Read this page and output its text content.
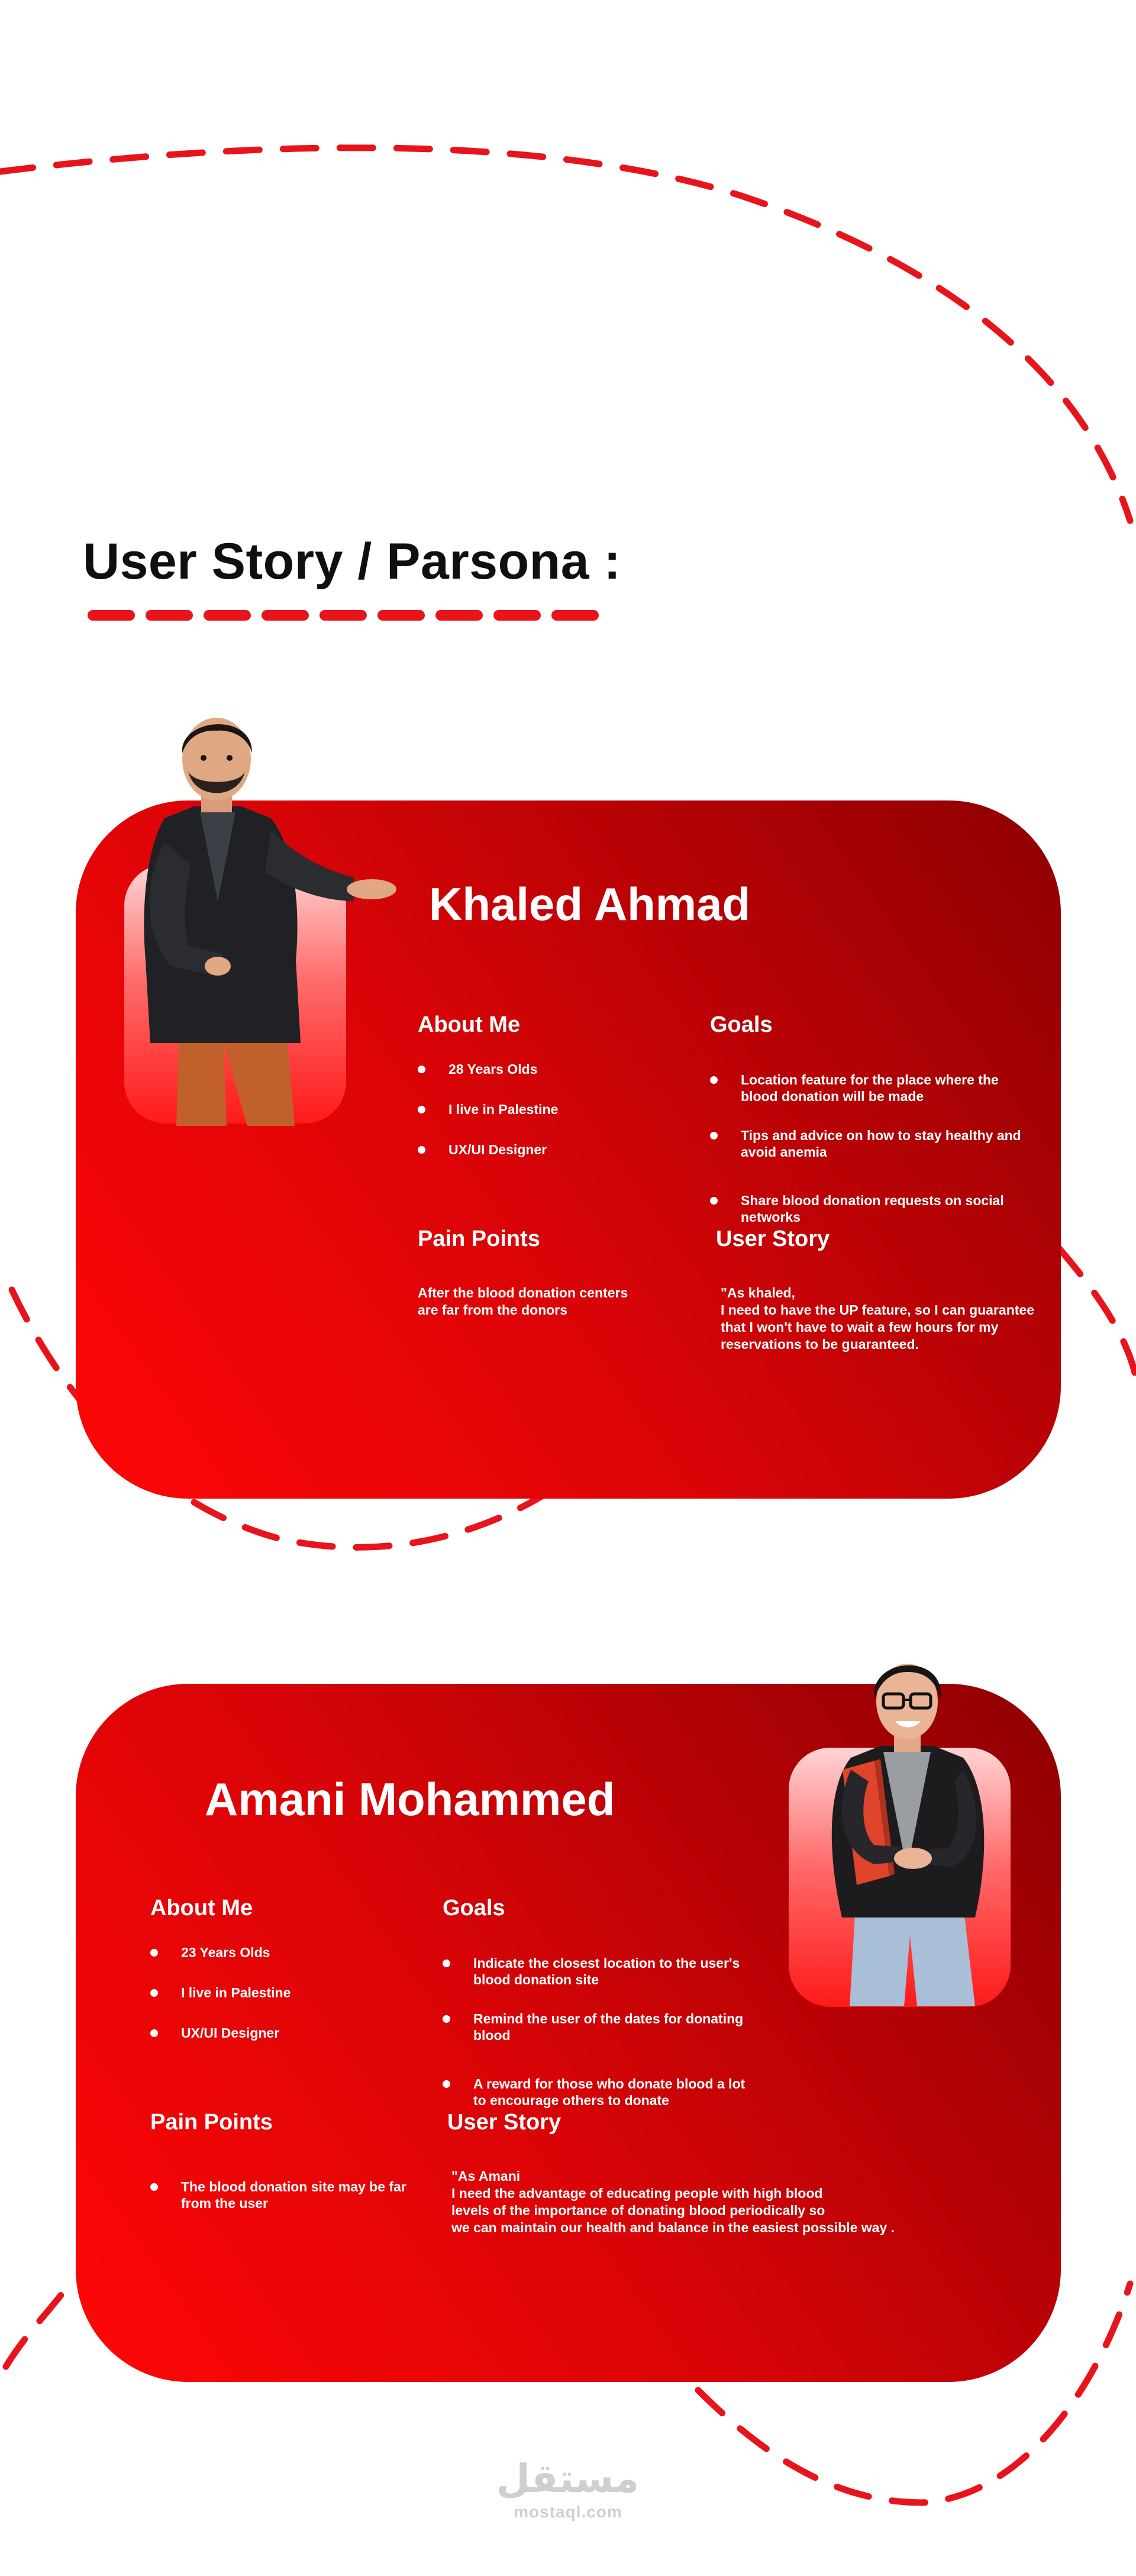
User Story / Parsona :
Khaled Ahmad
About Me
28 Years Olds
I live in Palestine
UX/UI Designer
Goals

Location feature for the place where the
blood donation will be made

Tips and advice on how to stay healthy and
avoid anemia

Share blood donation requests on social
networks

Pain Points

After the blood donation centers
are far from the donors

User Story

"As khaled,
I need to have the UP feature, so I can guarantee
that I won't have to wait a few hours for my
reservations to be guaranteed.

Amani Mohammed
About Me
23 Years Olds
I live in Palestine
UX/UI Designer
Goals

Indicate the closest location to the user's
blood donation site

Remind the user of the dates for donating
blood

A reward for those who donate blood a lot
to encourage others to donate

Pain Points

The blood donation site may be far
from the user

User Story

"As Amani
I need the advantage of educating people with high blood
levels of the importance of donating blood periodically so
we can maintain our health and balance in the easiest possible way .

مستقل
mostaql.com
